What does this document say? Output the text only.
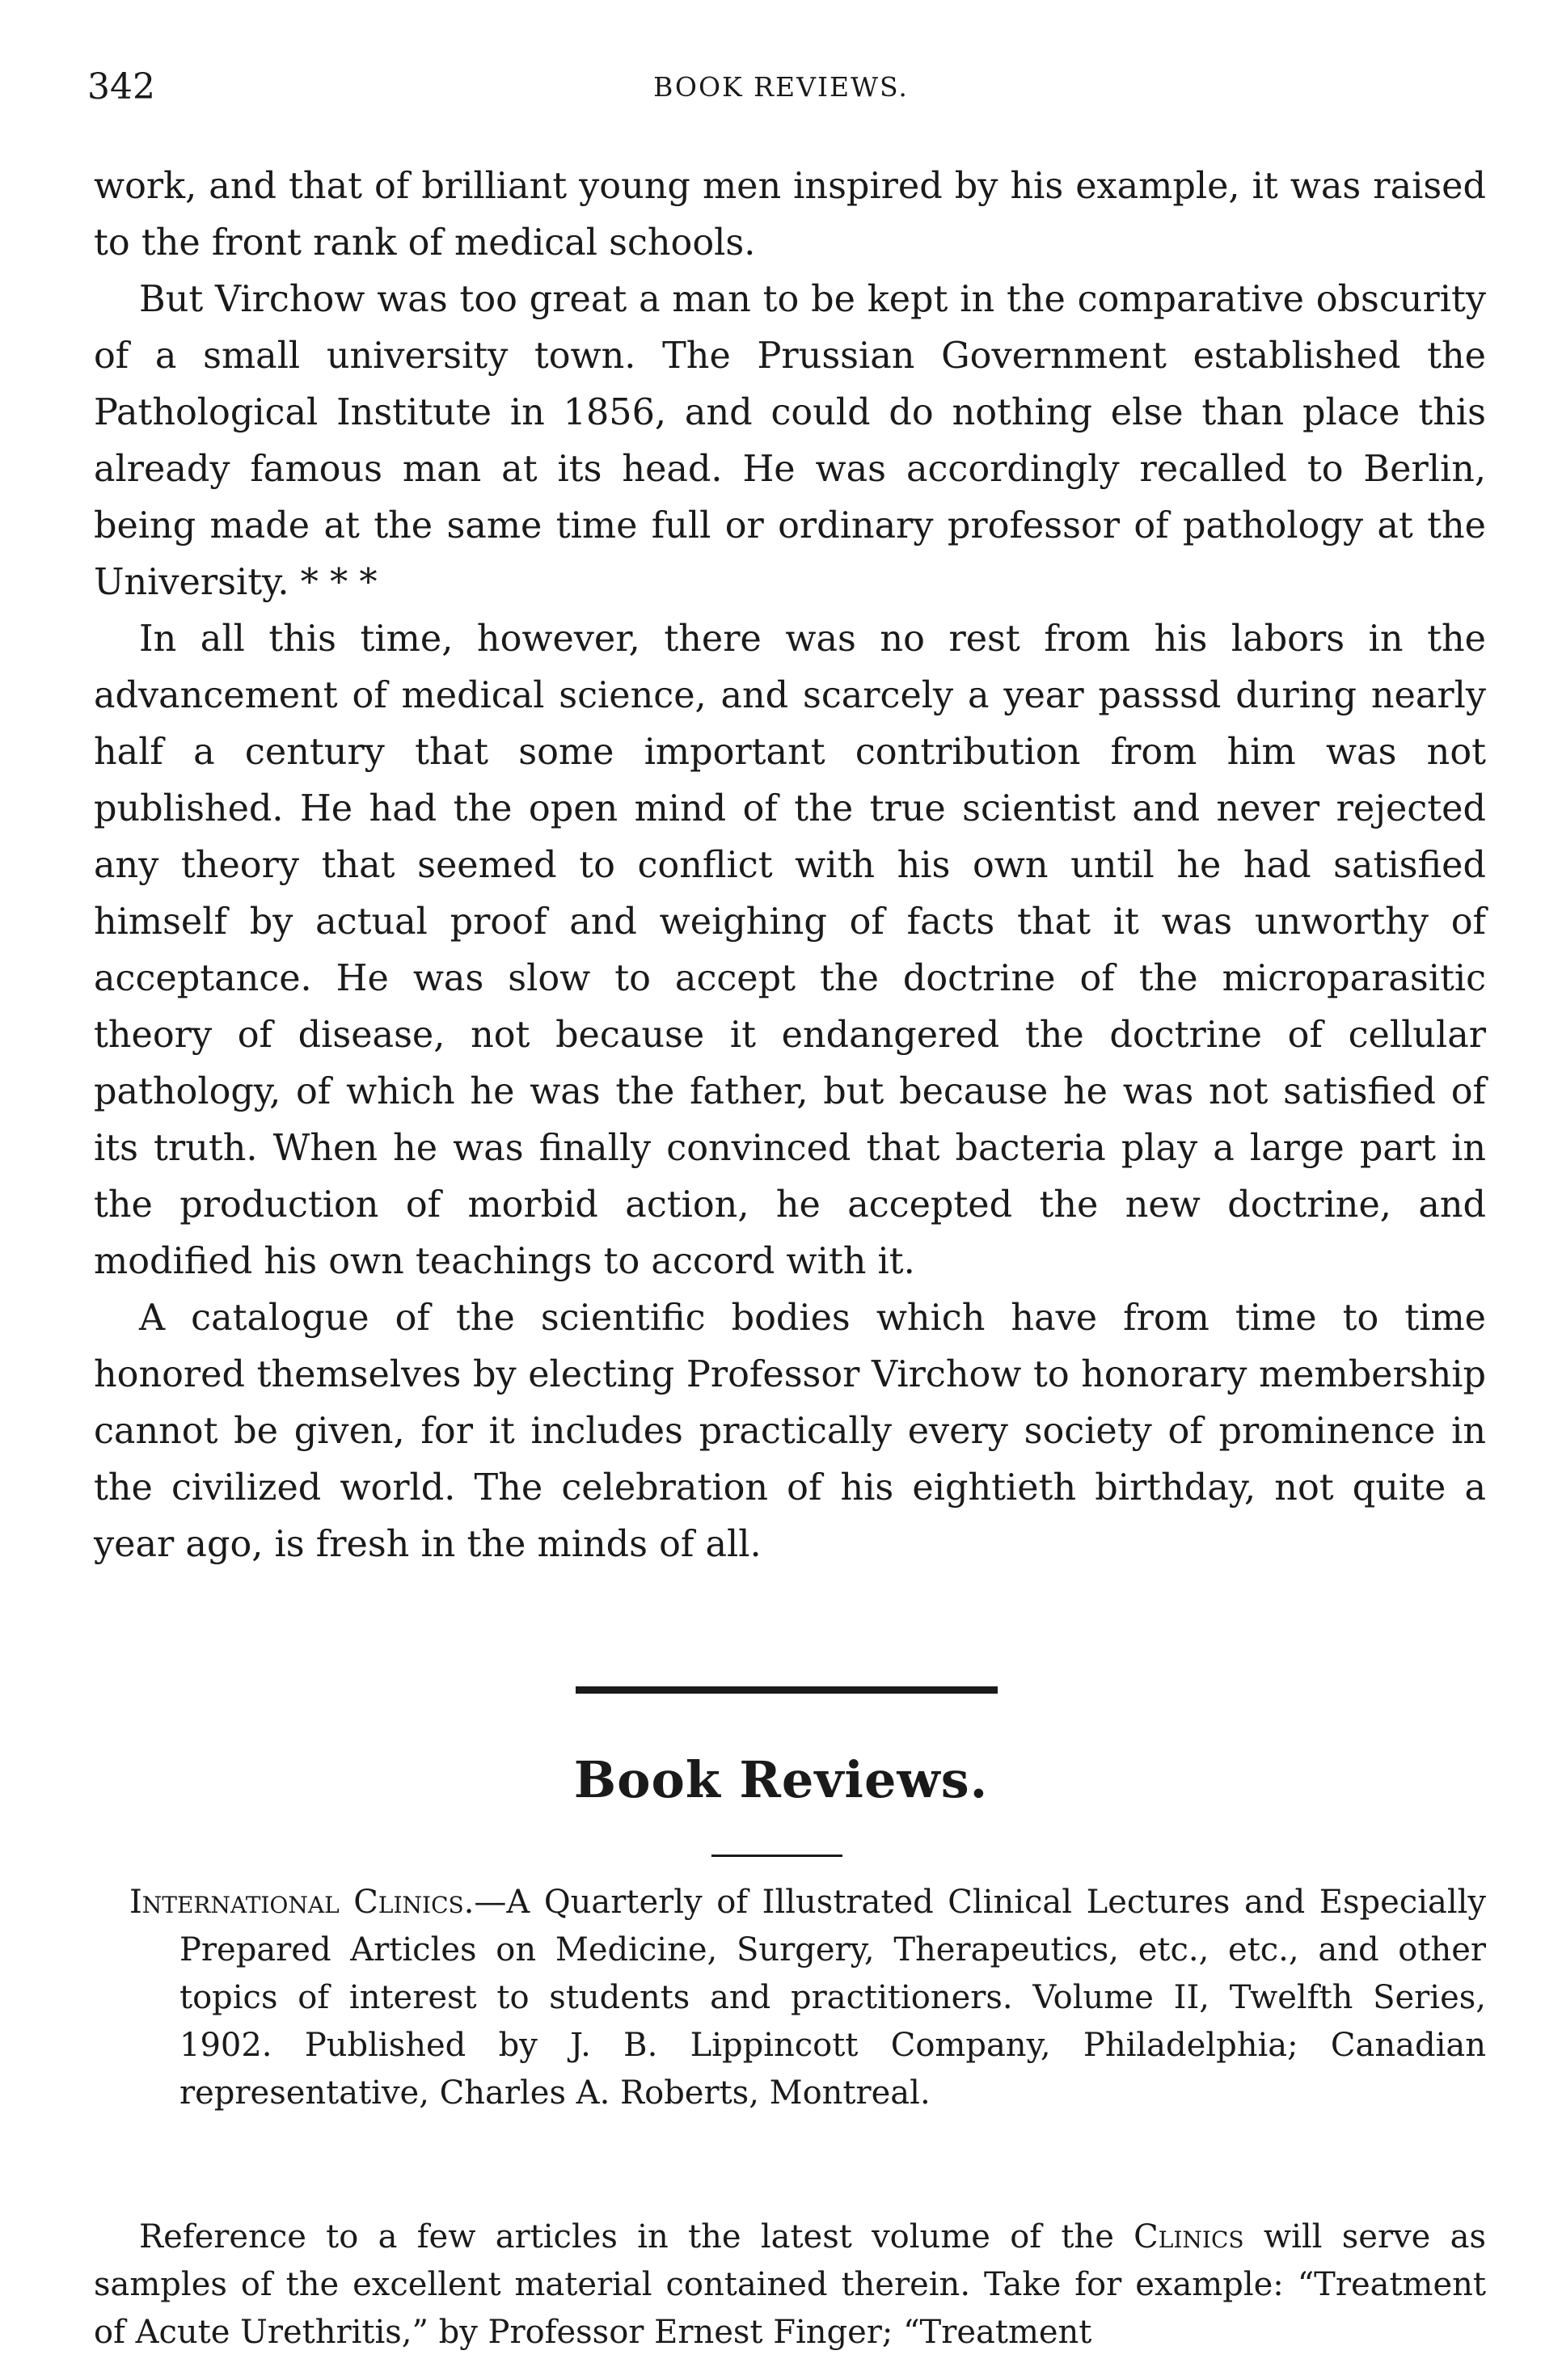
342	BOOK REVIEWS.

work, and that of brilliant young men inspired by his example, it was raised to the front rank of medical schools.

But Virchow was too great a man to be kept in the comparative obscurity of a small university town. The Prussian Government established the Pathological Institute in 1856, and could do nothing else than place this already famous man at its head. He was accordingly recalled to Berlin, being made at the same time full or ordinary professor of pathology at the University. * * *

In all this time, however, there was no rest from his labors in the advancement of medical science, and scarcely a year passsd during nearly half a century that some important contribution from him was not published. He had the open mind of the true scientist and never rejected any theory that seemed to conflict with his own until he had satisfied himself by actual proof and weighing of facts that it was unworthy of acceptance. He was slow to accept the doctrine of the microparasitic theory of disease, not because it endangered the doctrine of cellular pathology, of which he was the father, but because he was not satisfied of its truth. When he was finally convinced that bacteria play a large part in the production of morbid action, he accepted the new doctrine, and modified his own teachings to accord with it.

A catalogue of the scientific bodies which have from time to time honored themselves by electing Professor Virchow to honorary membership cannot be given, for it includes practically every society of prominence in the civilized world. The celebration of his eightieth birthday, not quite a year ago, is fresh in the minds of all.

Book Reviews.

International Clinics.—A Quarterly of Illustrated Clinical Lectures and Especially Prepared Articles on Medicine, Surgery, Therapeutics, etc., etc., and other topics of interest to students and practitioners. Volume II, Twelfth Series, 1902. Published by J. B. Lippincott Company, Philadelphia; Canadian representative, Charles A. Roberts, Montreal.

Reference to a few articles in the latest volume of the Clinics will serve as samples of the excellent material contained therein. Take for example: “Treatment of Acute Urethritis,” by Professor Ernest Finger; “Treatment
